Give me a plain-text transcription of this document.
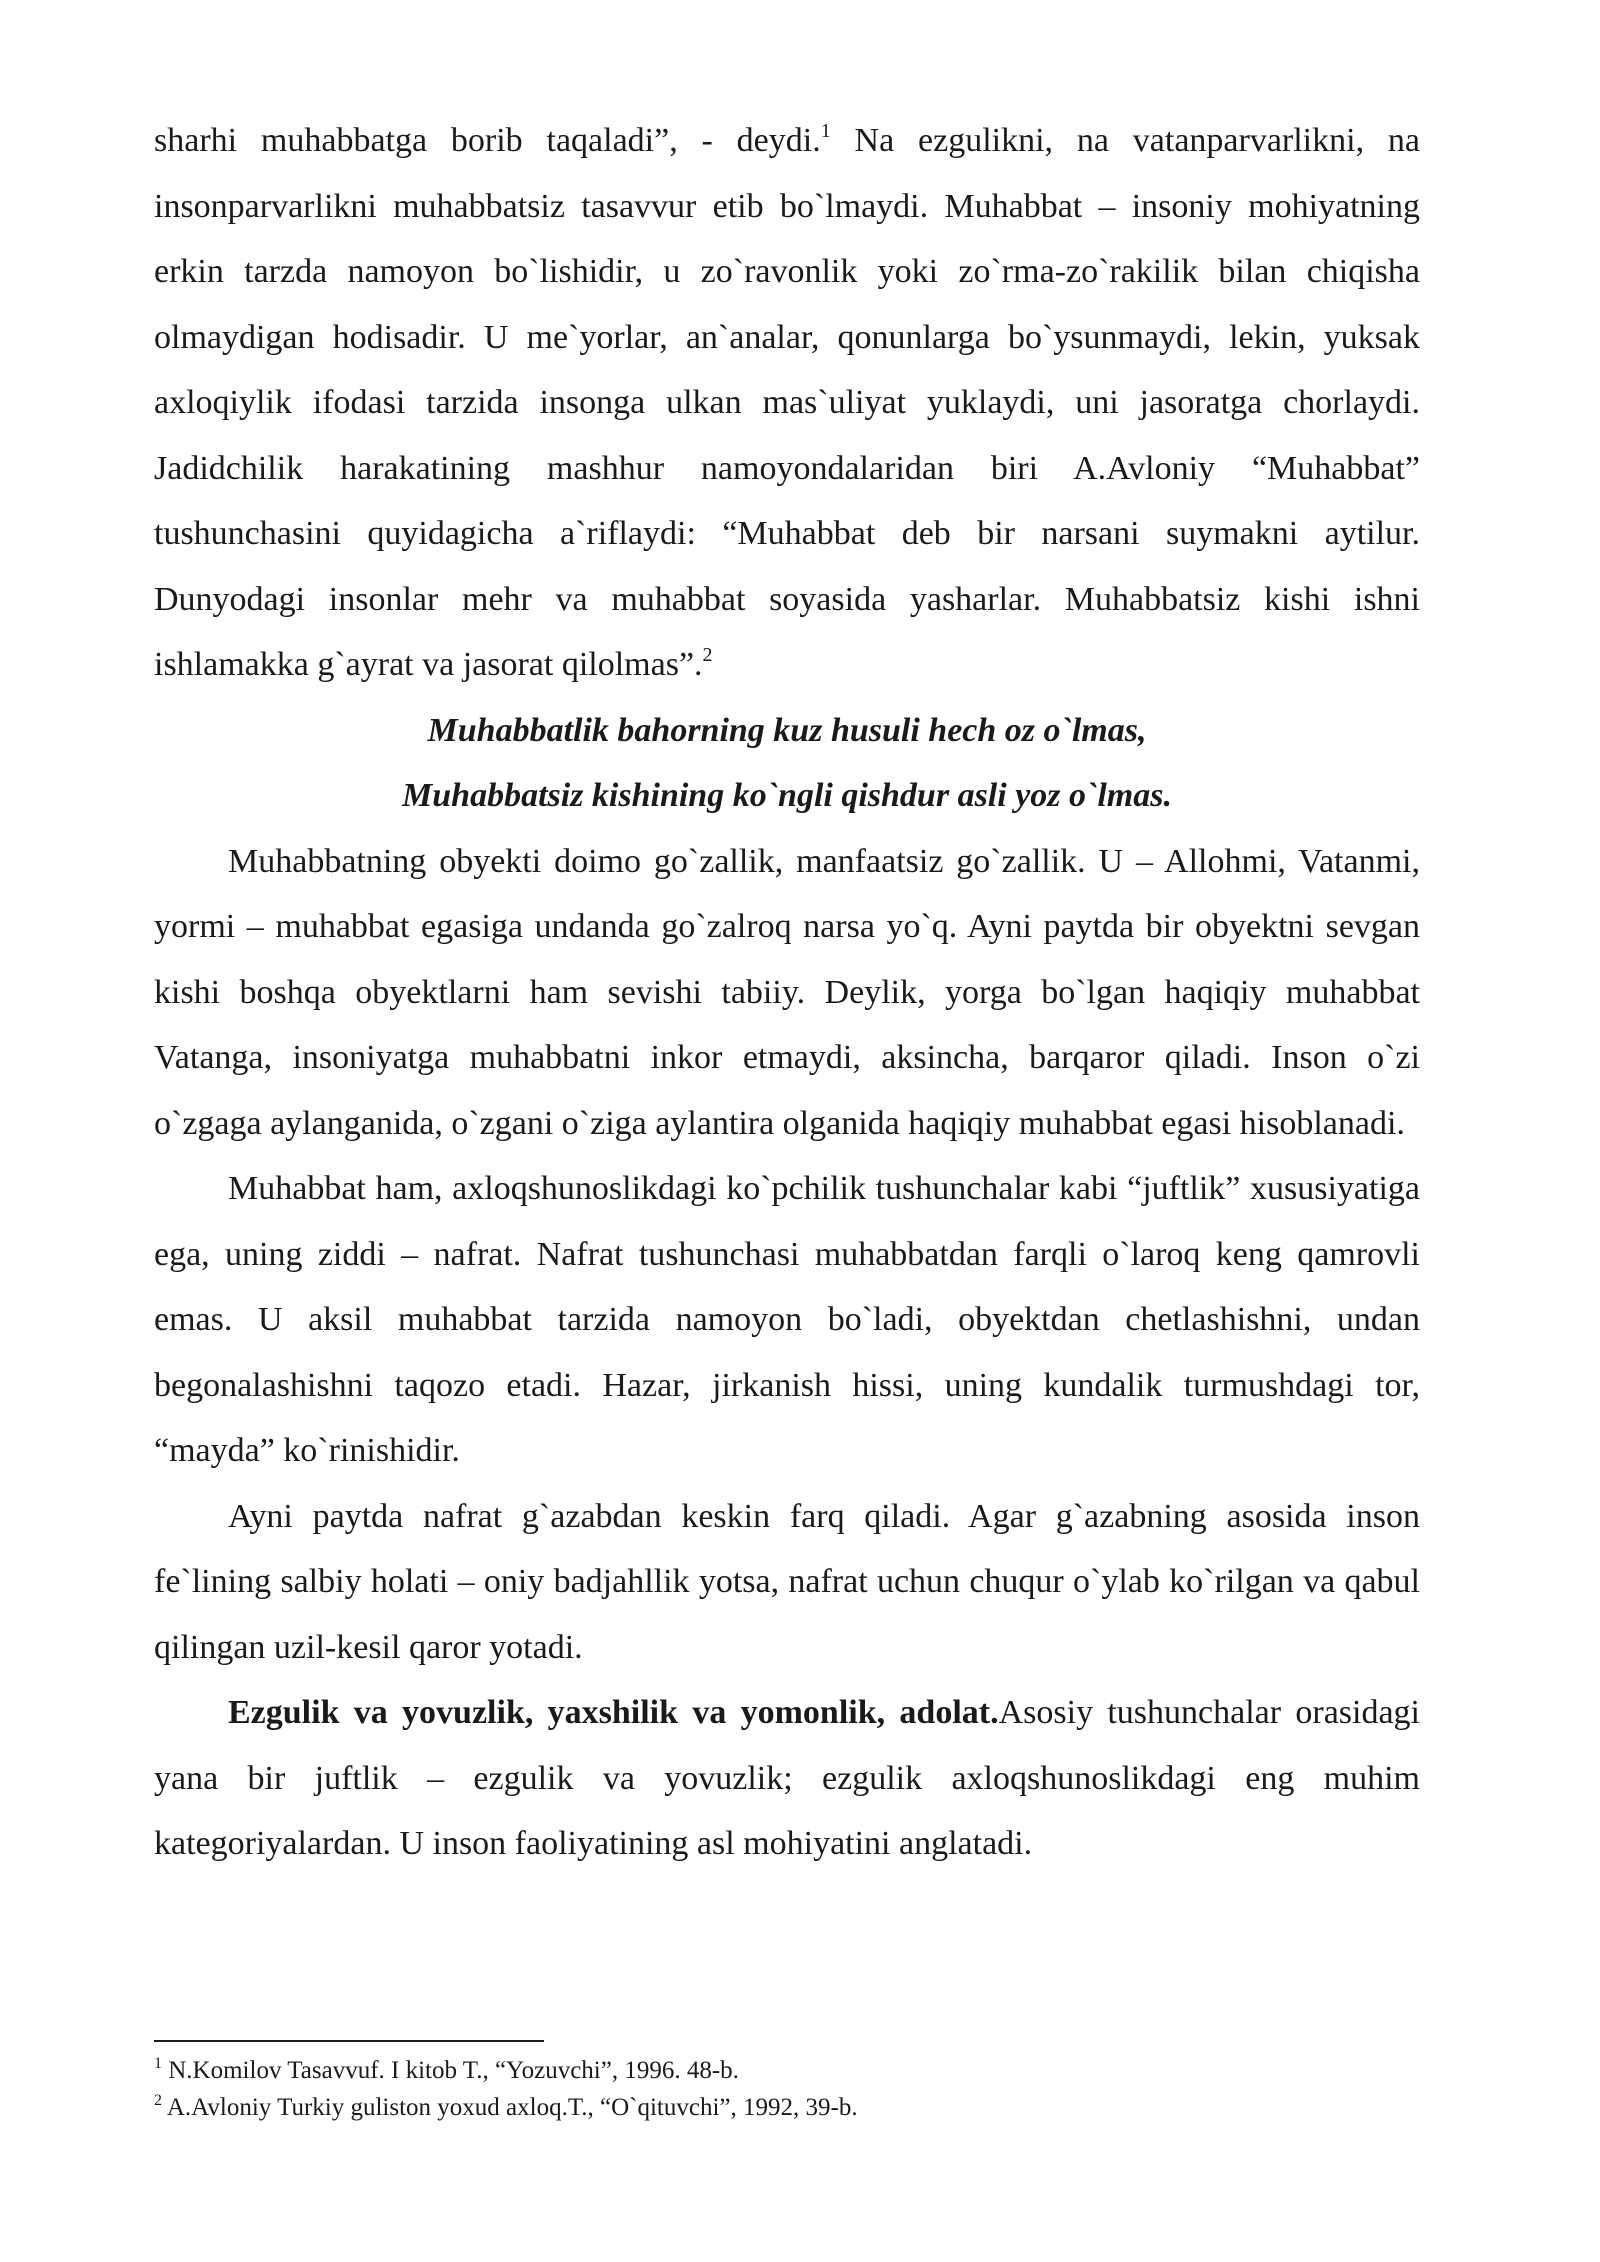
sharhi muhabbatga borib taqaladi”, - deydi.$^1$ Na ezgulikni, na vatanparvarlikni, na insonparvarlikni muhabbatsiz tasavvur etib bo`lmaydi. Muhabbat – insoniy mohiyatning erkin tarzda namoyon bo`lishidir, u zo`ravonlik yoki zo`rma-zo`rakilik bilan chiqisha olmaydigan hodisadir. U me`yorlar, an`analar, qonunlarga bo`ysunmaydi, lekin, yuksak axloqiylik ifodasi tarzida insonga ulkan mas`uliyat yuklaydi, uni jasoratga chorlaydi. Jadidchilik harakatining mashhur namoyondalaridan biri A.Avloniy “Muhabbat” tushunchasini quyidagicha a`riflaydi: “Muhabbat deb bir narsani suymakni aytilur. Dunyodagi insonlar mehr va muhabbat soyasida yasharlar. Muhabbatsiz kishi ishni ishlamakka g`ayrat va jasorat qilolmas”.$^2$

Muhabbatlik bahorning kuz husuli hech oz o`lmas,

Muhabbatsiz kishining ko`ngli qishdur asli yoz o`lmas.

Muhabbatning obyekti doimo go`zallik, manfaatsiz go`zallik. U – Allohmi, Vatanmi, yormi – muhabbat egasiga undanda go`zalroq narsa yo`q. Ayni paytda bir obyektni sevgan kishi boshqa obyektlarni ham sevishi tabiiy. Deylik, yorga bo`lgan haqiqiy muhabbat Vatanga, insoniyatga muhabbatni inkor etmaydi, aksincha, barqaror qiladi. Inson o`zi o`zgaga aylanganida, o`zgani o`ziga aylantira olganida haqiqiy muhabbat egasi hisoblanadi.

Muhabbat ham, axloqshunoslikdagi ko`pchilik tushunchalar kabi “juftlik” xususiyatiga ega, uning ziddi – nafrat. Nafrat tushunchasi muhabbatdan farqli o`laroq keng qamrovli emas. U aksil muhabbat tarzida namoyon bo`ladi, obyektdan chetlashishni, undan begonalashishni taqozo etadi. Hazar, jirkanish hissi, uning kundalik turmushdagi tor, “mayda” ko`rinishidir.

Ayni paytda nafrat g`azabdan keskin farq qiladi. Agar g`azabning asosida inson fe`lining salbiy holati – oniy badjahllik yotsa, nafrat uchun chuqur o`ylab ko`rilgan va qabul qilingan uzil-kesil qaror yotadi.

Ezgulik va yovuzlik, yaxshilik va yomonlik, adolat.Asosiy tushunchalar orasidagi yana bir juftlik – ezgulik va yovuzlik; ezgulik axloqshunoslikdagi eng muhim kategoriyalardan. U inson faoliyatining asl mohiyatini anglatadi.

$^1$ N.Komilov Tasavvuf. I kitob T., “Yozuvchi”, 1996. 48-b.

$^2$ A.Avloniy Turkiy guliston yoxud axloq.T., “O`qituvchi”, 1992, 39-b.
